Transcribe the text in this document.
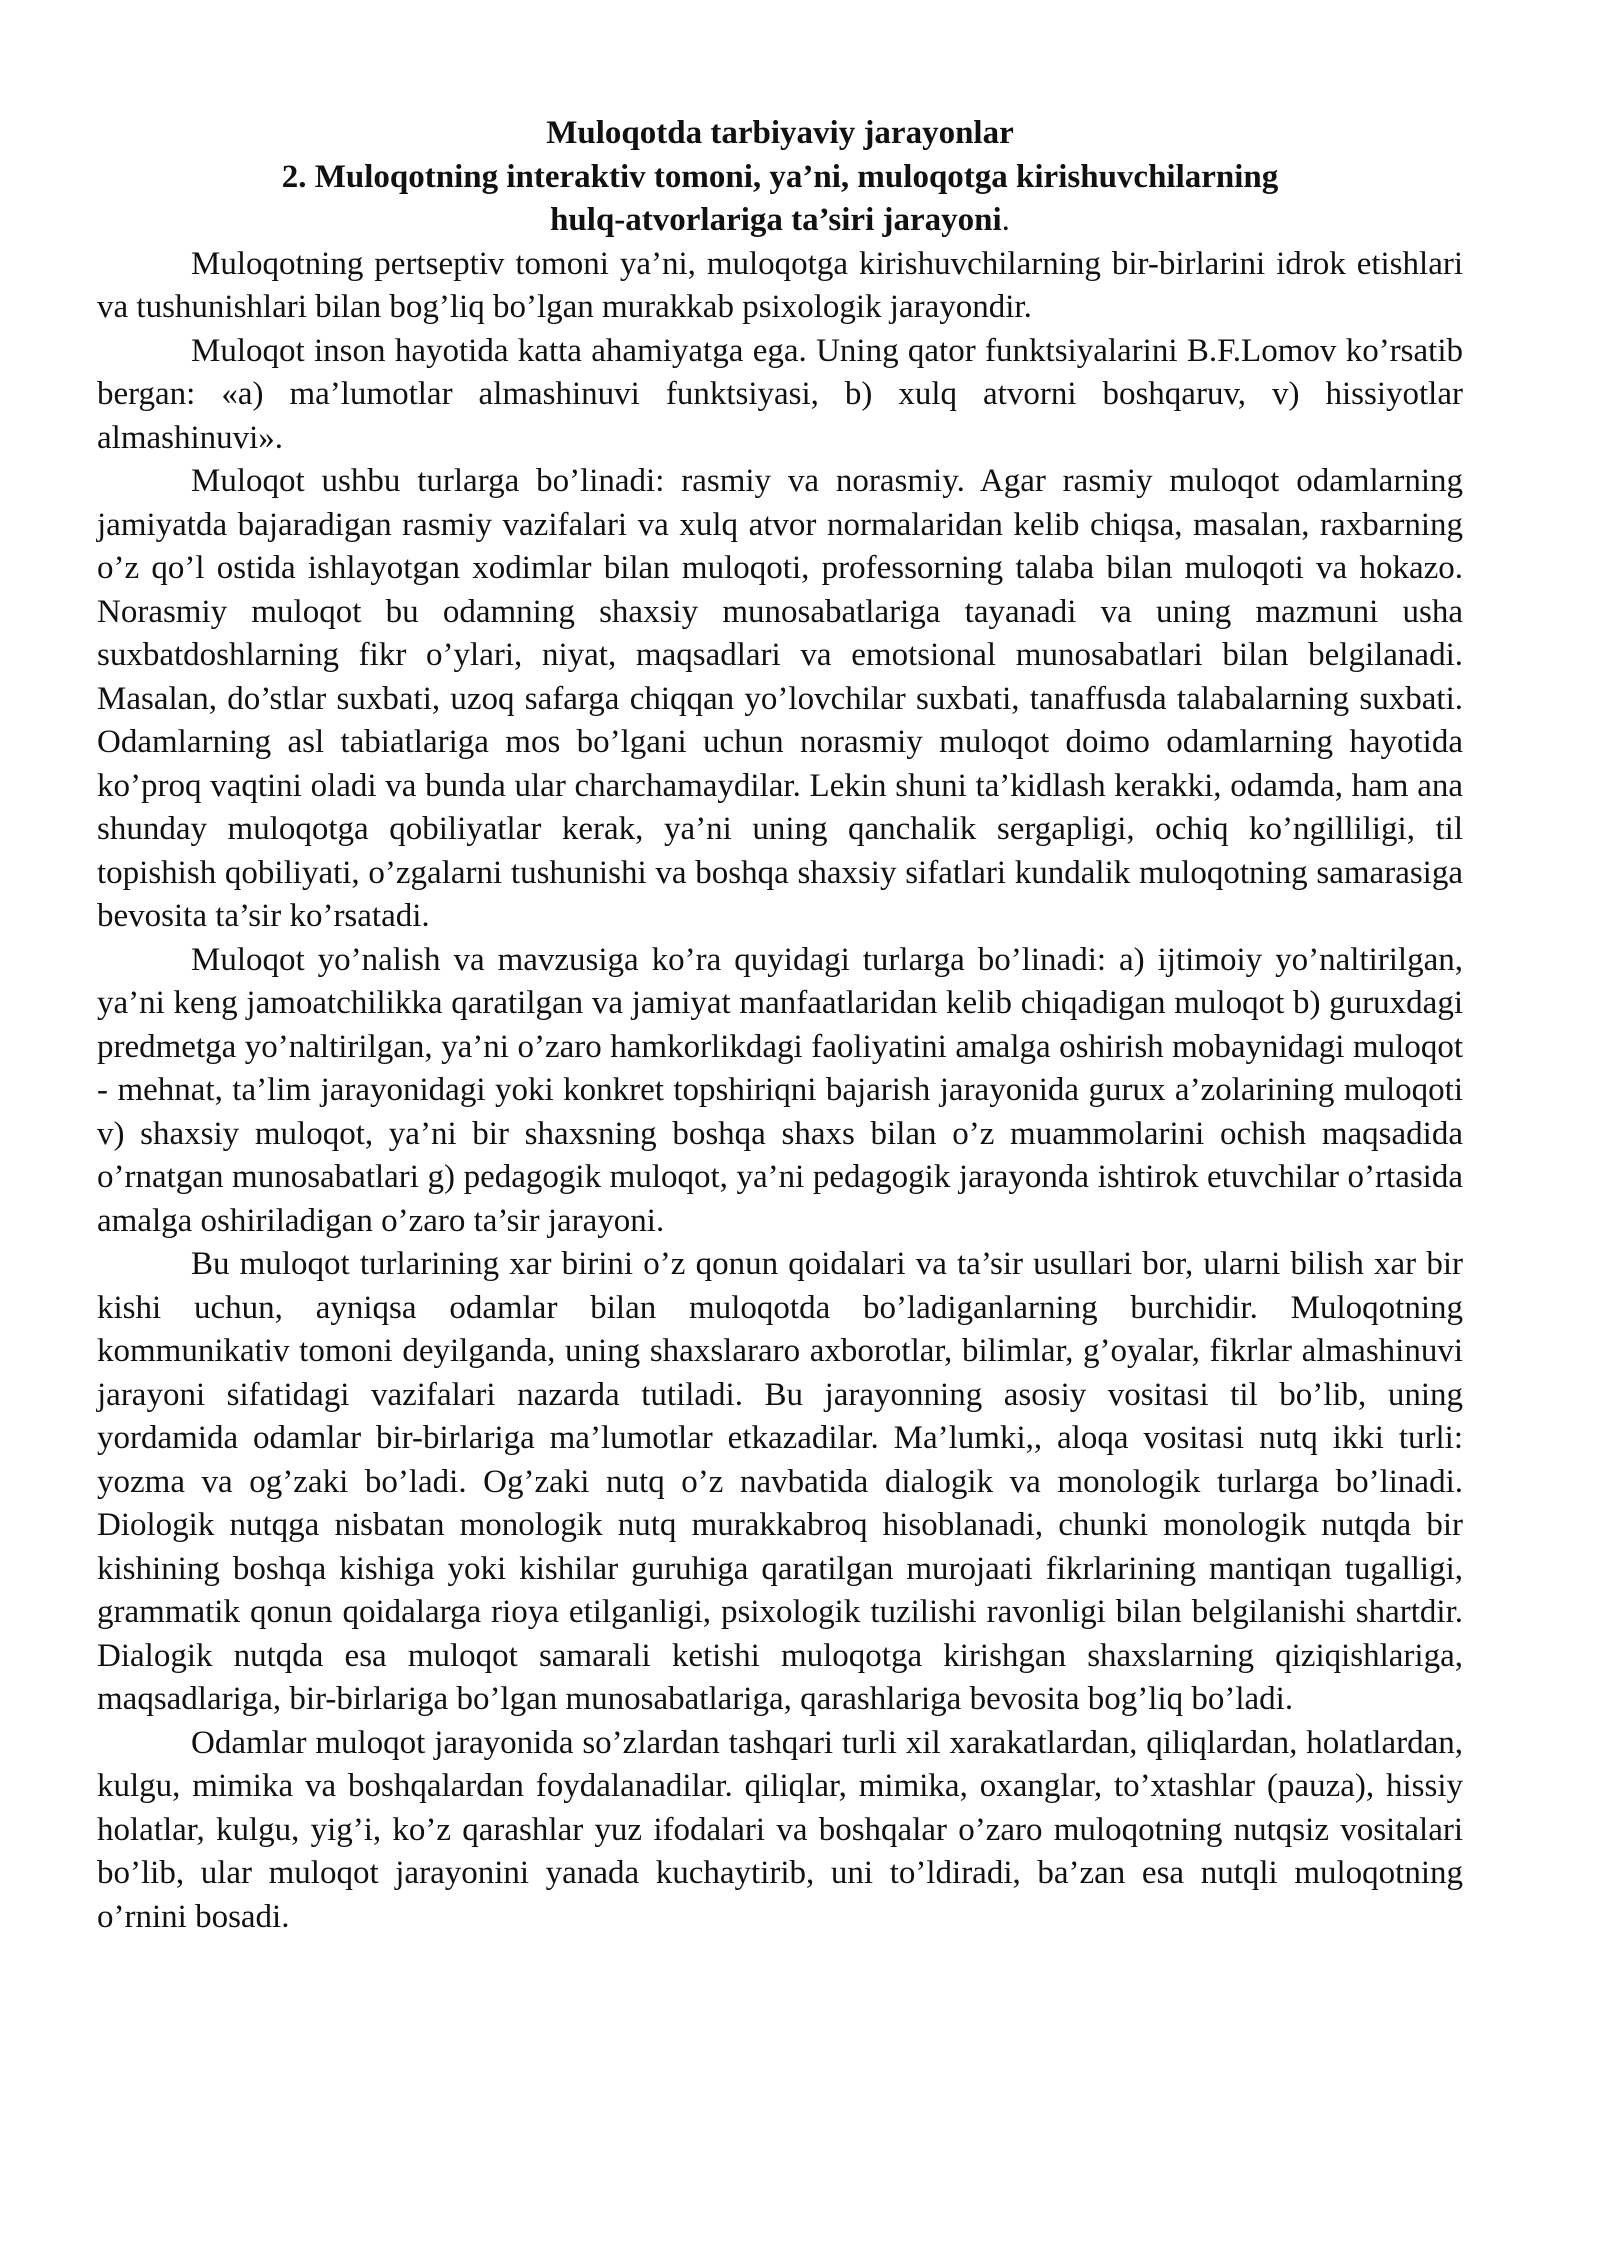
Muloqotda tarbiyaviy jarayonlar

2. Muloqotning interaktiv tomoni, ya’ni, muloqotga kirishuvchilarning hulq-atvorlariga ta’siri jarayoni.

Muloqotning pertseptiv tomoni ya’ni, muloqotga kirishuvchilarning bir-birlarini idrok etishlari va tushunishlari bilan bog’liq bo’lgan murakkab psixologik jarayondir.

Muloqot inson hayotida katta ahamiyatga ega. Uning qator funktsiyalarini B.F.Lomov ko’rsatib bergan: «a) ma’lumotlar almashinuvi funktsiyasi, b) xulq atvorni boshqaruv, v) hissiyotlar almashinuvi».

Muloqot ushbu turlarga bo’linadi: rasmiy va norasmiy. Agar rasmiy muloqot odamlarning jamiyatda bajaradigan rasmiy vazifalari va xulq atvor normalaridan kelib chiqsa, masalan, raxbarning o’z qo’l ostida ishlayotgan xodimlar bilan muloqoti, professorning talaba bilan muloqoti va hokazo. Norasmiy muloqot bu odamning shaxsiy munosabatlariga tayanadi va uning mazmuni usha suxbatdoshlarning fikr o’ylari, niyat, maqsadlari va emotsional munosabatlari bilan belgilanadi. Masalan, do’stlar suxbati, uzoq safarga chiqqan yo’lovchilar suxbati, tanaffusda talabalarning suxbati. Odamlarning asl tabiatlariga mos bo’lgani uchun norasmiy muloqot doimo odamlarning hayotida ko’proq vaqtini oladi va bunda ular charchamaydilar. Lekin shuni ta’kidlash kerakki, odamda, ham ana shunday muloqotga qobiliyatlar kerak, ya’ni uning qanchalik sergapligi, ochiq ko’ngilliligi, til topishish qobiliyati, o’zgalarni tushunishi va boshqa shaxsiy sifatlari kundalik muloqotning samarasiga bevosita ta’sir ko’rsatadi.

Muloqot yo’nalish va mavzusiga ko’ra quyidagi turlarga bo’linadi: a) ijtimoiy yo’naltirilgan, ya’ni keng jamoatchilikka qaratilgan va jamiyat manfaatlaridan kelib chiqadigan muloqot b) guruxdagi predmetga yo’naltirilgan, ya’ni o’zaro hamkorlikdagi faoliyatini amalga oshirish mobaynidagi muloqot - mehnat, ta’lim jarayonidagi yoki konkret topshiriqni bajarish jarayonida gurux a’zolarining muloqoti v) shaxsiy muloqot, ya’ni bir shaxsning boshqa shaxs bilan o’z muammolarini ochish maqsadida o’rnatgan munosabatlari g) pedagogik muloqot, ya’ni pedagogik jarayonda ishtirok etuvchilar o’rtasida amalga oshiriladigan o’zaro ta’sir jarayoni.

Bu muloqot turlarining xar birini o’z qonun qoidalari va ta’sir usullari bor, ularni bilish xar bir kishi uchun, ayniqsa odamlar bilan muloqotda bo’ladiganlarning burchidir. Muloqotning kommunikativ tomoni deyilganda, uning shaxslararo axborotlar, bilimlar, g’oyalar, fikrlar almashinuvi jarayoni sifatidagi vazifalari nazarda tutiladi. Bu jarayonning asosiy vositasi til bo’lib, uning yordamida odamlar bir-birlariga ma’lumotlar etkazadilar. Ma’lumki,, aloqa vositasi nutq ikki turli: yozma va og’zaki bo’ladi. Og’zaki nutq o’z navbatida dialogik va monologik turlarga bo’linadi. Diologik nutqga nisbatan monologik nutq murakkabroq hisoblanadi, chunki monologik nutqda bir kishining boshqa kishiga yoki kishilar guruhiga qaratilgan murojaati fikrlarining mantiqan tugalligi, grammatik qonun qoidalarga rioya etilganligi, psixologik tuzilishi ravonligi bilan belgilanishi shartdir. Dialogik nutqda esa muloqot samarali ketishi muloqotga kirishgan shaxslarning qiziqishlariga, maqsadlariga, bir-birlariga bo’lgan munosabatlariga, qarashlariga bevosita bog’liq bo’ladi.

Odamlar muloqot jarayonida so’zlardan tashqari turli xil xarakatlardan, qiliqlardan, holatlardan, kulgu, mimika va boshqalardan foydalanadilar. qiliqlar, mimika, oxanglar, to’xtashlar (pauza), hissiy holatlar, kulgu, yig’i, ko’z qarashlar yuz ifodalari va boshqalar o’zaro muloqotning nutqsiz vositalari bo’lib, ular muloqot jarayonini yanada kuchaytirib, uni to’ldiradi, ba’zan esa nutqli muloqotning o’rnini bosadi.
